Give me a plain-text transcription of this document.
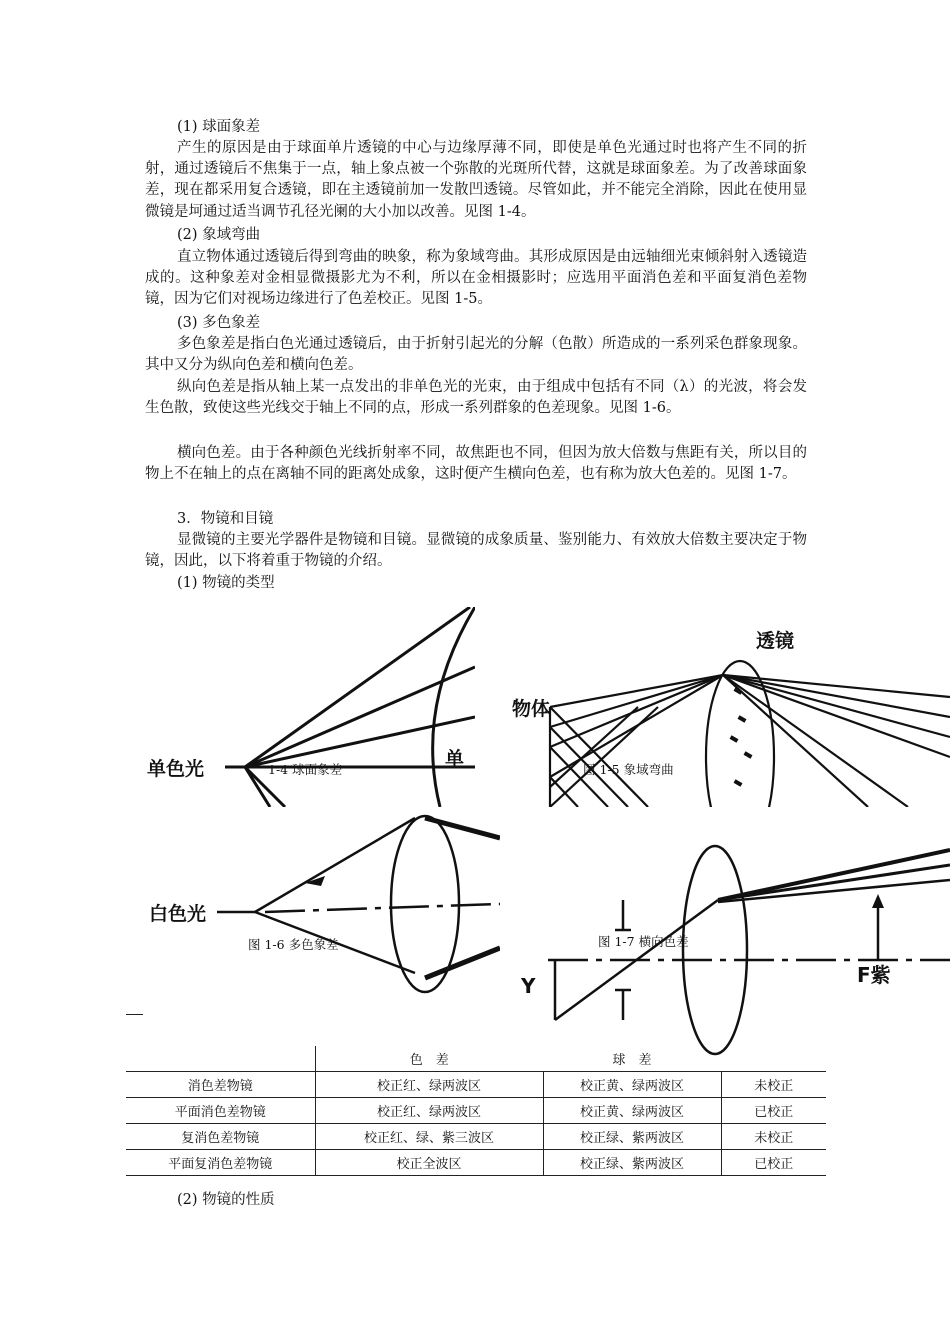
(1) 球面象差
产生的原因是由于球面单片透镜的中心与边缘厚薄不同，即使是单色光通过时也将产生不同的折射，通过透镜后不焦集于一点，轴上象点被一个弥散的光斑所代替，这就是球面象差。为了改善球面象差，现在都采用复合透镜，即在主透镜前加一发散凹透镜。尽管如此，并不能完全消除，因此在使用显微镜是坷通过适当调节孔径光阑的大小加以改善。见图 1-4。
(2) 象域弯曲
直立物体通过透镜后得到弯曲的映象，称为象域弯曲。其形成原因是由远轴细光束倾斜射入透镜造成的。这种象差对金相显微摄影尤为不利，所以在金相摄影时；应选用平面消色差和平面复消色差物镜，因为它们对视场边缘进行了色差校正。见图 1-5。
(3) 多色象差
多色象差是指白色光通过透镜后，由于折射引起光的分解（色散）所造成的一系列采色群象现象。其中又分为纵向色差和横向色差。
纵向色差是指从轴上某一点发出的非单色光的光束，由于组成中包括有不同（λ）的光波，将会发生色散，致使这些光线交于轴上不同的点，形成一系列群象的色差现象。见图 1-6。
横向色差。由于各种颜色光线折射率不同，故焦距也不同，但因为放大倍数与焦距有关，所以目的物上不在轴上的点在离轴不同的距离处成象，这时便产生横向色差，也有称为放大色差的。见图 1-7。
3．物镜和目镜
显微镜的主要光学器件是物镜和目镜。显微镜的成象质量、鉴别能力、有效放大倍数主要决定于物镜，因此，以下将着重于物镜的介绍。
(1) 物镜的类型
单色光	单
1-4 球面象差
透镜
物体
图 1-5 象域弯曲
白色光
图 1-6 多色象差
Y	F紫
图 1-7 横向色差
	色　差	球　差	
消色差物镜	校正红、绿两波区	校正黄、绿两波区	未校正
平面消色差物镜	校正红、绿两波区	校正黄、绿两波区	已校正
复消色差物镜	校正红、绿、紫三波区	校正绿、紫两波区	未校正
平面复消色差物镜	校正全波区	校正绿、紫两波区	已校正
(2) 物镜的性质
